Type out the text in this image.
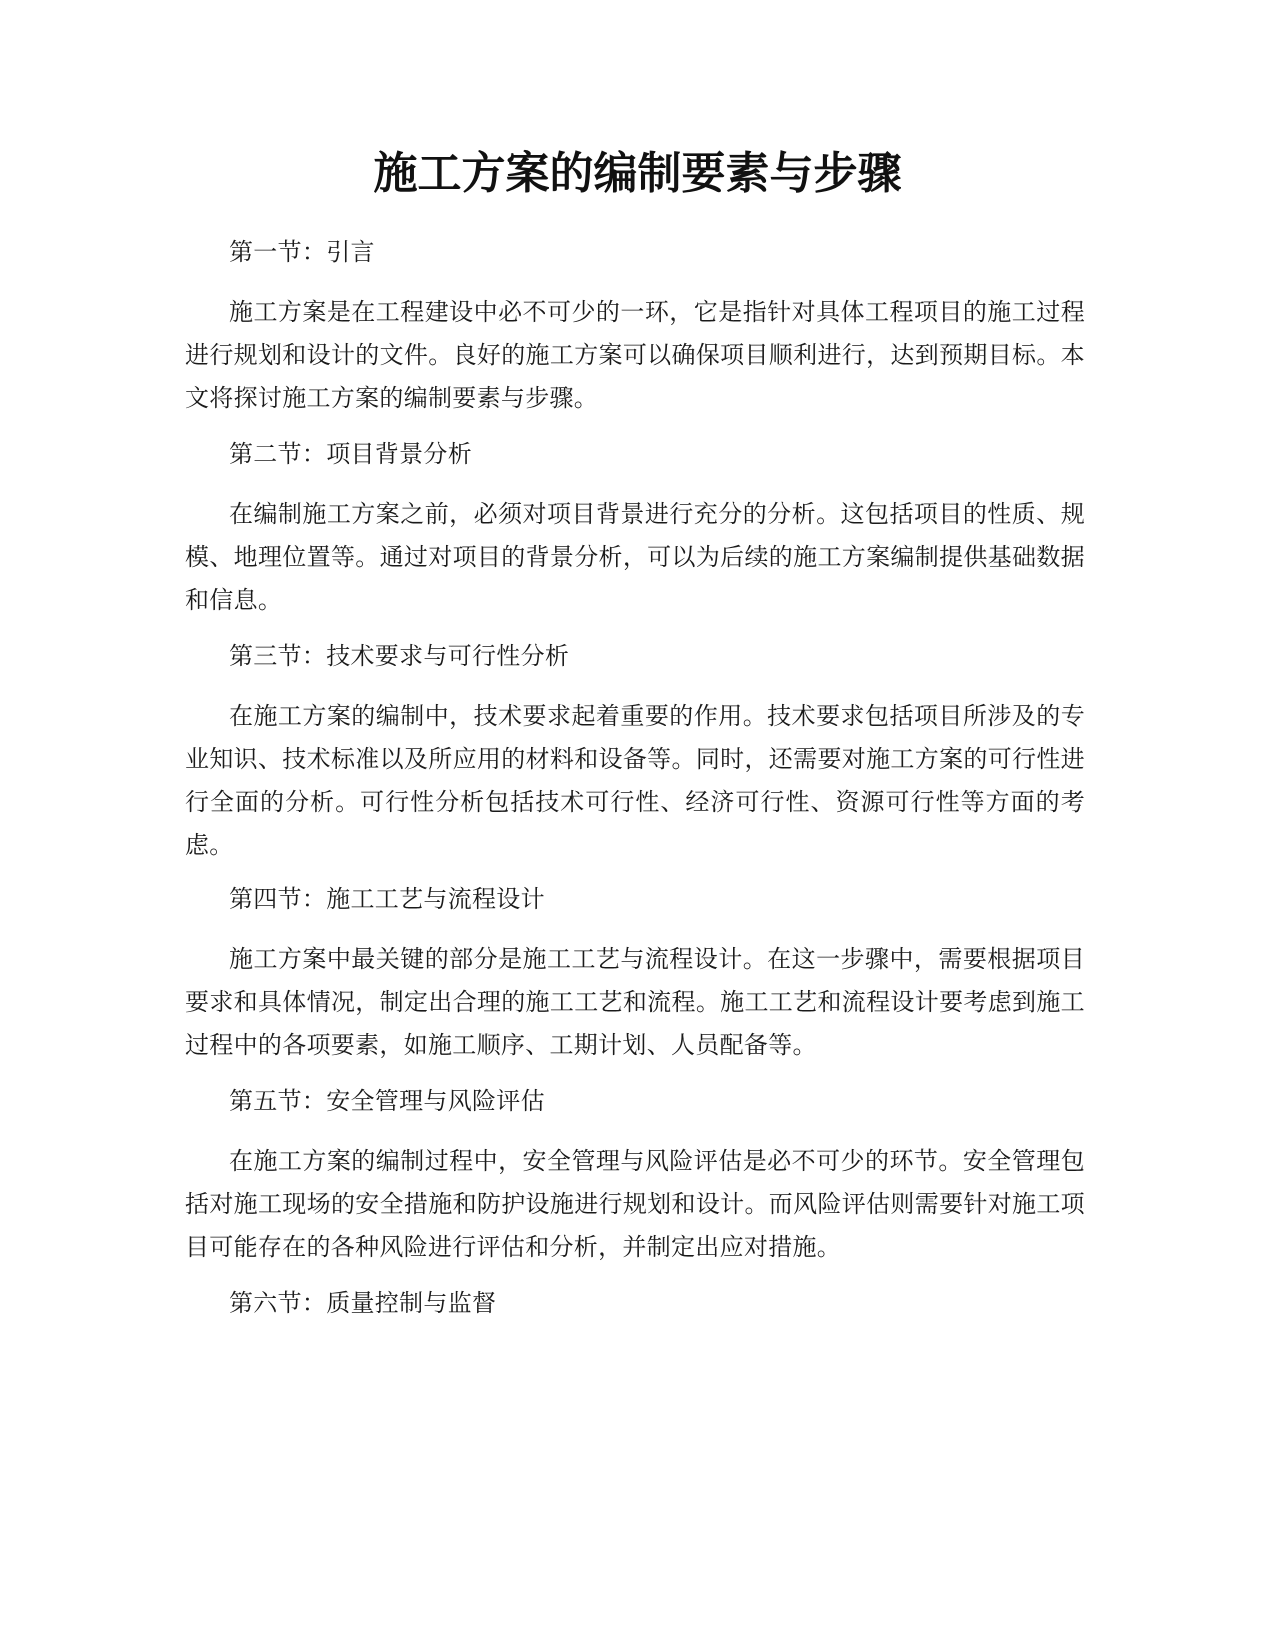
施工方案的编制要素与步骤

第一节：引言

施工方案是在工程建设中必不可少的一环，它是指针对具体工程项目的施工过程进行规划和设计的文件。良好的施工方案可以确保项目顺利进行，达到预期目标。本文将探讨施工方案的编制要素与步骤。

第二节：项目背景分析

在编制施工方案之前，必须对项目背景进行充分的分析。这包括项目的性质、规模、地理位置等。通过对项目的背景分析，可以为后续的施工方案编制提供基础数据和信息。

第三节：技术要求与可行性分析

在施工方案的编制中，技术要求起着重要的作用。技术要求包括项目所涉及的专业知识、技术标准以及所应用的材料和设备等。同时，还需要对施工方案的可行性进行全面的分析。可行性分析包括技术可行性、经济可行性、资源可行性等方面的考虑。

第四节：施工工艺与流程设计

施工方案中最关键的部分是施工工艺与流程设计。在这一步骤中，需要根据项目要求和具体情况，制定出合理的施工工艺和流程。施工工艺和流程设计要考虑到施工过程中的各项要素，如施工顺序、工期计划、人员配备等。

第五节：安全管理与风险评估

在施工方案的编制过程中，安全管理与风险评估是必不可少的环节。安全管理包括对施工现场的安全措施和防护设施进行规划和设计。而风险评估则需要针对施工项目可能存在的各种风险进行评估和分析，并制定出应对措施。

第六节：质量控制与监督
